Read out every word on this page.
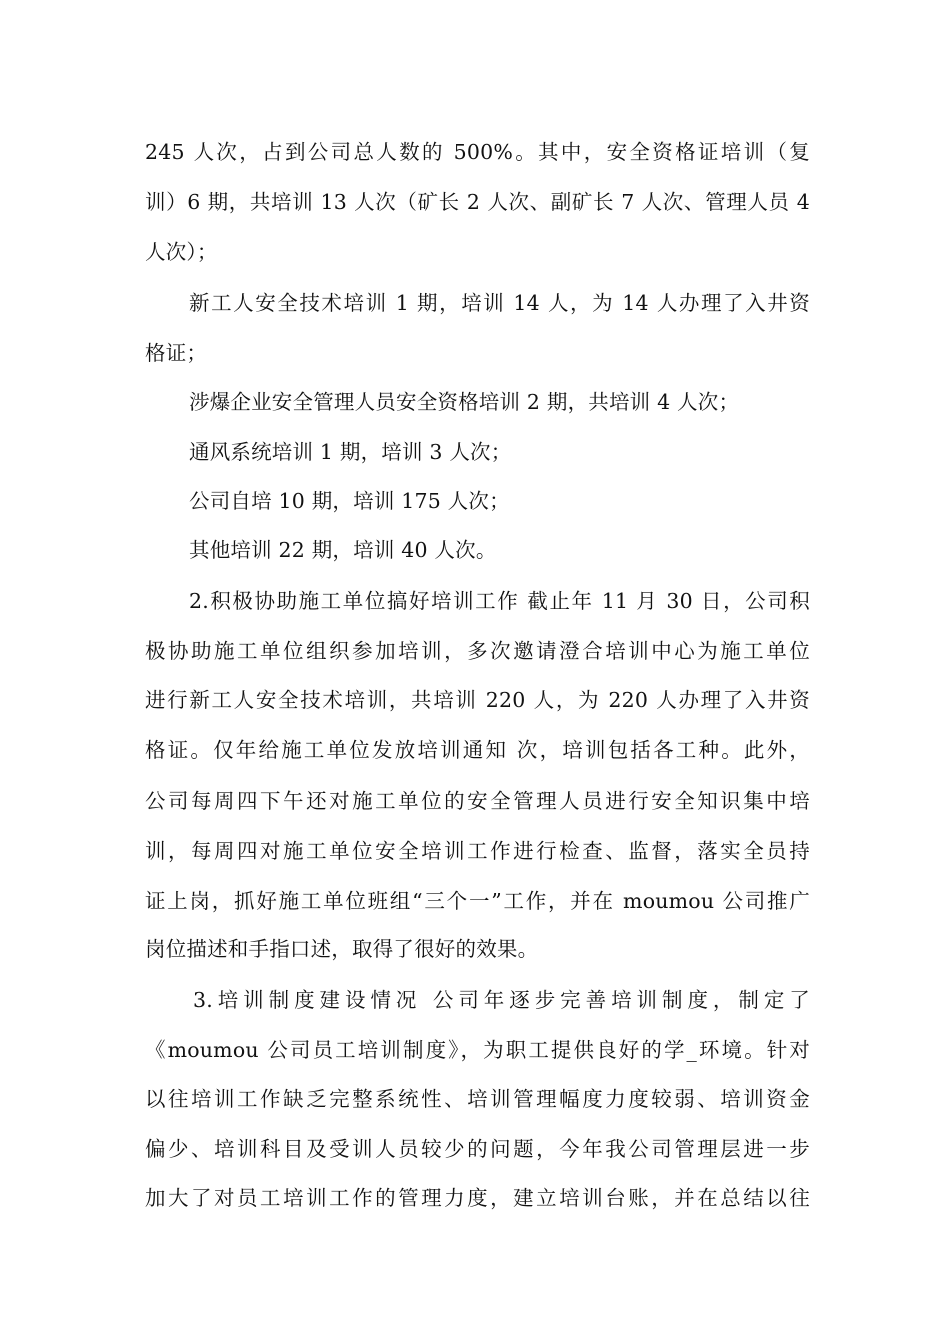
245 人次，占到公司总人数的 500%。其中，安全资格证培训（复
训）6 期，共培训 13 人次（矿长 2 人次、副矿长 7 人次、管理人员 4
人次）；
新工人安全技术培训 1 期，培训 14 人，为 14 人办理了入井资
格证；
涉爆企业安全管理人员安全资格培训 2 期，共培训 4 人次；
通风系统培训 1 期，培训 3 人次；
公司自培 10 期，培训 175 人次；
其他培训 22 期，培训 40 人次。
2.积极协助施工单位搞好培训工作 截止年 11 月 30 日，公司积
极协助施工单位组织参加培训，多次邀请澄合培训中心为施工单位
进行新工人安全技术培训，共培训 220 人，为 220 人办理了入井资
格证。仅年给施工单位发放培训通知 次，培训包括各工种。此外，
公司每周四下午还对施工单位的安全管理人员进行安全知识集中培
训，每周四对施工单位安全培训工作进行检查、监督，落实全员持
证上岗，抓好施工单位班组“三个一”工作，并在 moumou 公司推广
岗位描述和手指口述，取得了很好的效果。
3.培训制度建设情况 公司年逐步完善培训制度，制定了
《moumou 公司员工培训制度》，为职工提供良好的学_环境。针对
以往培训工作缺乏完整系统性、培训管理幅度力度较弱、培训资金
偏少、培训科目及受训人员较少的问题，今年我公司管理层进一步
加大了对员工培训工作的管理力度，建立培训台账，并在总结以往
